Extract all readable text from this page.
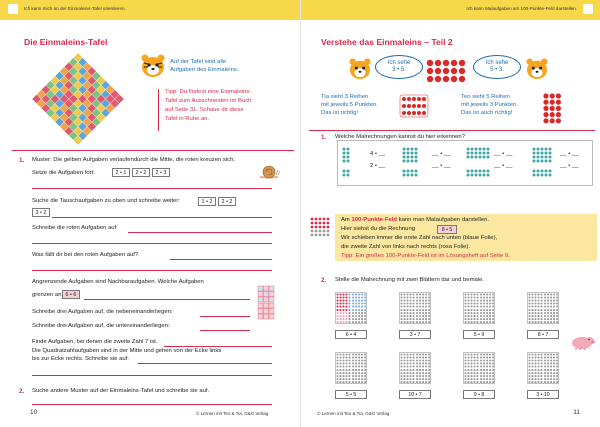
Ich kann mich an der Einmaleins-Tafel orientieren.
Die Einmaleins-Tafel
Auf der Tafel sind alle
Aufgaben des Einmaleins.
Tipp: Du findest eine Einmaleins-
Tafel zum Ausschneiden im Buch
auf Seite 31. Schaue dir diese
Tafel in Ruhe an.
1. Muster: Die gelben Aufgaben verlaufendurch die Mitte, die roten kreuzen sich.
Setze die Aufgaben fort:	2 • 1	2 • 2	2 • 3
Suche die Tauschaufgaben zu oben und schreibe weiter:	1 • 2	2 • 2
3 • 2
Schreibe die roten Aufgaben auf:
Was fällt dir bei den roten Aufgaben auf?
Angrenzende Aufgaben sind Nachbaraufgaben. Welche Aufgaben
grenzen an 6 • 6
Schreibe drei Aufgaben auf, die nebeneinanderliegen:
Schreibe drei Aufgaben auf, die untereinanderliegen:
Finde Aufgaben, bei denen die zweite Zahl 7 ist.
Die Quadratzahlaufgaben sind in der Mitte und gehen von der Ecke links
bis zur Ecke rechts. Schreibe sie auf:
2. Suche andere Muster auf der Einmaleins-Tafel und schreibe sie auf.
10	© Lernen mit Teo & Tia, G&G Verlag
Ich kann Malaufgaben am 100-Punkte-Feld darstellen.
Verstehe das Einmaleins – Teil 2
Ich sehe
3 • 5.
Ich sehe
5 • 3.
Tia sieht 3 Reihen
mit jeweils 5 Punkten.
Das ist richtig!
Teo sieht 5 Reihen
mit jeweils 3 Punkten.
Das ist auch richtig!
1. Welche Malrechnungen kannst du hier erkennen?
4 • __
2 • __
__ • __
__ • __
__ • __
__ • __
__ • __
__ • __
Am 100-Punkte-Feld kann man Malaufgaben darstellen.
Hier siehst du die Rechnung	8 • 5
Wir schieben immer die erste Zahl nach unten (blaue Folie),
die zweite Zahl von links nach rechts (rosa Folie).
Tipp: Ein großes 100-Punkte-Feld ist im Lösungsheft auf Seite 9.
2. Stelle die Malrechnung mit zwei Blättern dar und bemale.
6 • 4	3 • 7	5 • 9	8 • 7
5 • 5	10 • 7	9 • 8	3 • 10
11
© Lernen mit Teo & Tia, G&G Verlag
